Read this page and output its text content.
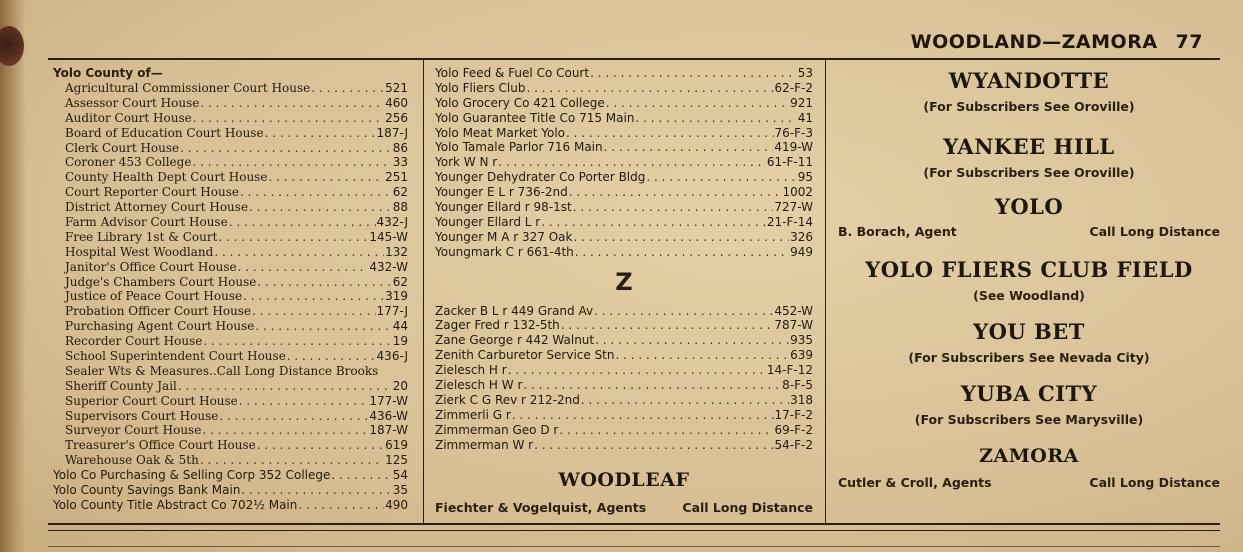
WOODLAND—ZAMORA 77
Yolo County of—
Agricultural Commissioner Court House . . .	521
Assessor Court House . . .	460
Auditor Court House . . .	256
Board of Education Court House . . .	187-J
Clerk Court House . . .	86
Coroner 453 College . . .	33
County Health Dept Court House . . .	251
Court Reporter Court House . . .	62
District Attorney Court House . . .	88
Farm Advisor Court House . . .	432-J
Free Library 1st & Court . . .	145-W
Hospital West Woodland . . .	132
Janitor's Office Court House . . .	432-W
Judge's Chambers Court House . . .	62
Justice of Peace Court House . . .	319
Probation Officer Court House . . .	177-J
Purchasing Agent Court House . . .	44
Recorder Court House . . .	19
School Superintendent Court House . . .	436-J
Sealer Wts & Measures..Call Long Distance Brooks
Sheriff County Jail . . .	20
Superior Court Court House . . .	177-W
Supervisors Court House . . .	436-W
Surveyor Court House . . .	187-W
Treasurer's Office Court House . . .	619
Warehouse Oak & 5th . . .	125
Yolo Co Purchasing & Selling Corp 352 College . . .	54
Yolo County Savings Bank Main . . .	35
Yolo County Title Abstract Co 702½ Main . . .	490
Yolo Feed & Fuel Co Court . . .	53
Yolo Fliers Club . . .	62-F-2
Yolo Grocery Co 421 College . . .	921
Yolo Guarantee Title Co 715 Main . . .	41
Yolo Meat Market Yolo . . .	76-F-3
Yolo Tamale Parlor 716 Main . . .	419-W
York W N r . . .	61-F-11
Younger Dehydrater Co Porter Bldg . . .	95
Younger E L r 736-2nd . . .	1002
Younger Ellard r 98-1st . . .	727-W
Younger Ellard L r . . .	21-F-14
Younger M A r 327 Oak . . .	326
Youngmark C r 661-4th . . .	949
Z
Zacker B L r 449 Grand Av . . .	452-W
Zager Fred r 132-5th . . .	787-W
Zane George r 442 Walnut . . .	935
Zenith Carburetor Service Stn . . .	639
Zielesch H r . . .	14-F-12
Zielesch H W r . . .	8-F-5
Zierk C G Rev r 212-2nd . . .	318
Zimmerli G r . . .	17-F-2
Zimmerman Geo D r . . .	69-F-2
Zimmerman W r . . .	54-F-2
WOODLEAF
Fiechter & Vogelquist, Agents	Call Long Distance
WYANDOTTE
(For Subscribers See Oroville)
YANKEE HILL
(For Subscribers See Oroville)
YOLO
B. Borach, Agent	Call Long Distance
YOLO FLIERS CLUB FIELD
(See Woodland)
YOU BET
(For Subscribers See Nevada City)
YUBA CITY
(For Subscribers See Marysville)
ZAMORA
Cutler & Croll, Agents	Call Long Distance
